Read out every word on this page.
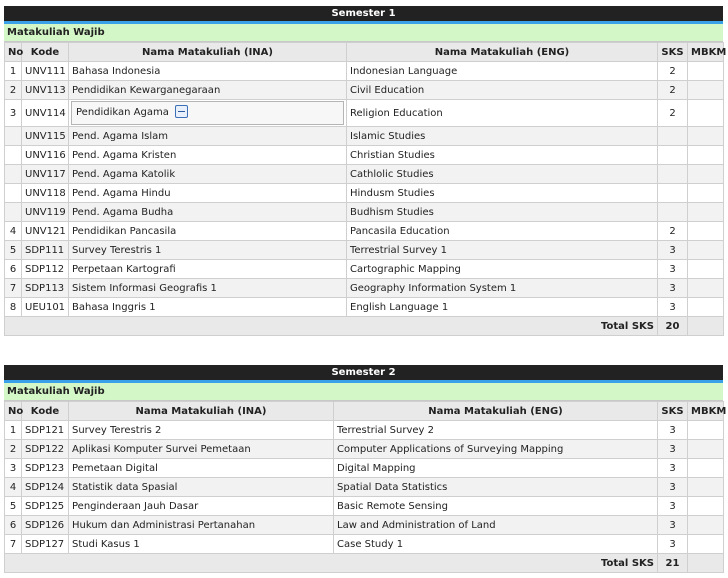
Semester 1
Matakuliah Wajib
No	Kode	Nama Matakuliah (INA)	Nama Matakuliah (ENG)	SKS	MBKM
1	UNV111	Bahasa Indonesia	Indonesian Language	2	
2	UNV113	Pendidikan Kewarganegaraan	Civil Education	2	
3	UNV114	Pendidikan Agama	Religion Education	2	
	UNV115	Pend. Agama Islam	Islamic Studies		
	UNV116	Pend. Agama Kristen	Christian Studies		
	UNV117	Pend. Agama Katolik	Cathlolic Studies		
	UNV118	Pend. Agama Hindu	Hindusm Studies		
	UNV119	Pend. Agama Budha	Budhism Studies		
4	UNV121	Pendidikan Pancasila	Pancasila Education	2	
5	SDP111	Survey Terestris 1	Terrestrial Survey 1	3	
6	SDP112	Perpetaan Kartografi	Cartographic Mapping	3	
7	SDP113	Sistem Informasi Geografis 1	Geography Information System 1	3	
8	UEU101	Bahasa Inggris 1	English Language 1	3	
Total SKS				20	
Semester 2
Matakuliah Wajib
No	Kode	Nama Matakuliah (INA)	Nama Matakuliah (ENG)	SKS	MBKM
1	SDP121	Survey Terestris 2	Terrestrial Survey 2	3	
2	SDP122	Aplikasi Komputer Survei Pemetaan	Computer Applications of Surveying Mapping	3	
3	SDP123	Pemetaan Digital	Digital Mapping	3	
4	SDP124	Statistik data Spasial	Spatial Data Statistics	3	
5	SDP125	Penginderaan Jauh Dasar	Basic Remote Sensing	3	
6	SDP126	Hukum dan Administrasi Pertanahan	Law and Administration of Land	3	
7	SDP127	Studi Kasus 1	Case Study 1	3	
Total SKS				21	
